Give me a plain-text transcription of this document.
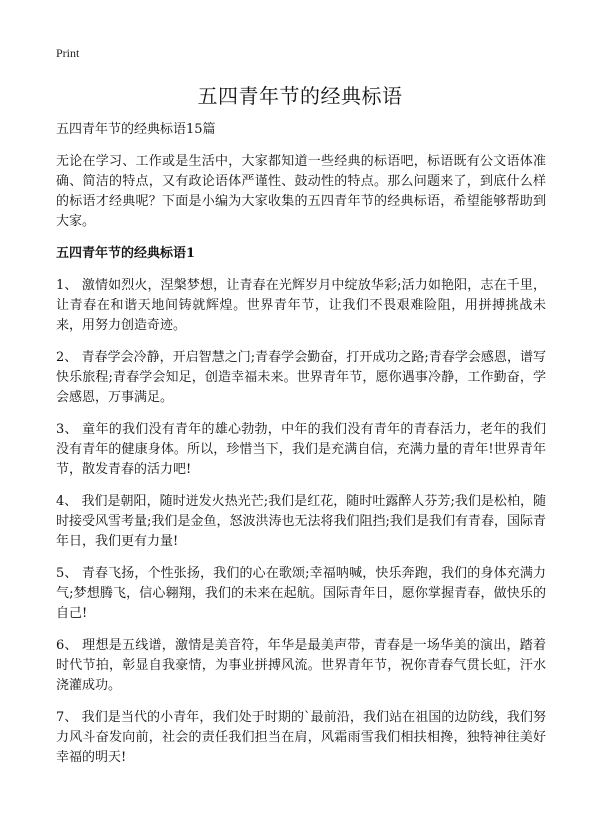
Print
五四青年节的经典标语
五四青年节的经典标语15篇

无论在学习、工作或是生活中，大家都知道一些经典的标语吧，标语既有公文语体准确、简洁的特点，又有政论语体严谨性、鼓动性的特点。那么问题来了，到底什么样的标语才经典呢？下面是小编为大家收集的五四青年节的经典标语，希望能够帮助到大家。

五四青年节的经典标语1

1、 激情如烈火，涅槃梦想，让青春在光辉岁月中绽放华彩;活力如艳阳，志在千里，让青春在和谐天地间铸就辉煌。世界青年节，让我们不畏艰难险阻，用拼搏挑战未来，用努力创造奇迹。

2、 青春学会冷静，开启智慧之门;青春学会勤奋，打开成功之路;青春学会感恩，谱写快乐旅程;青春学会知足，创造幸福未来。世界青年节，愿你遇事冷静，工作勤奋，学会感恩，万事满足。

3、 童年的我们没有青年的雄心勃勃，中年的我们没有青年的青春活力，老年的我们没有青年的健康身体。所以，珍惜当下，我们是充满自信，充满力量的青年!世界青年节，散发青春的活力吧!

4、 我们是朝阳，随时迸发火热光芒;我们是红花，随时吐露醉人芬芳;我们是松柏，随时接受风雪考量;我们是金鱼，怒波洪涛也无法将我们阻挡;我们是我们有青春，国际青年日，我们更有力量!

5、 青春飞扬，个性张扬，我们的心在歌颂;幸福呐喊，快乐奔跑，我们的身体充满力气;梦想腾飞，信心翱翔，我们的未来在起航。国际青年日，愿你掌握青春，做快乐的自己!

6、 理想是五线谱，激情是美音符，年华是最美声带，青春是一场华美的演出，踏着时代节拍，彰显自我豪情，为事业拼搏风流。世界青年节，祝你青春气贯长虹，汗水浇灌成功。

7、 我们是当代的小青年，我们处于时期的`最前沿，我们站在祖国的边防线，我们努力风斗奋发向前，社会的责任我们担当在肩，风霜雨雪我们相扶相搀，独特神往美好幸福的明天!
